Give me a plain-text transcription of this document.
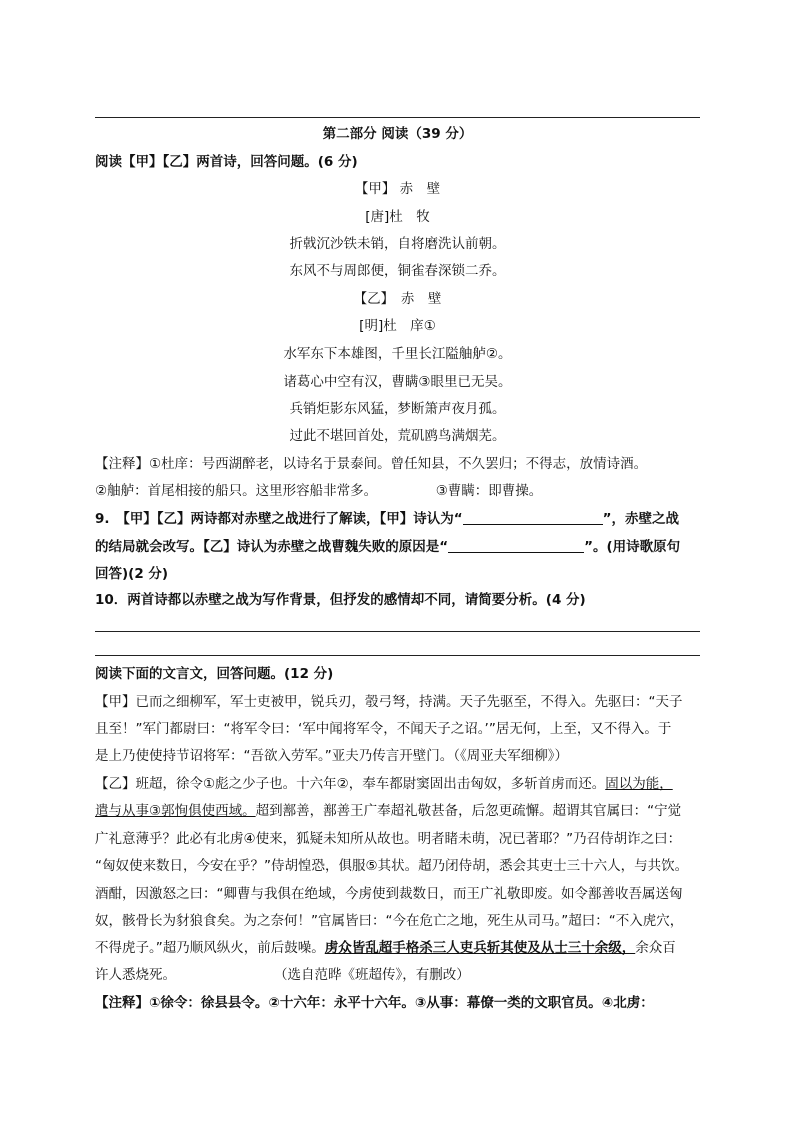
第二部分 阅读（39 分）
阅读【甲】【乙】两首诗，回答问题。(6 分)
【甲】 赤　壁
[唐]杜　牧
折戟沉沙铁未销，自将磨洗认前朝。
东风不与周郎便，铜雀春深锁二乔。
【乙】　赤　壁
[明]杜　庠①
水军东下本雄图，千里长江隘舳舻②。
诸葛心中空有汉，曹瞒③眼里已无吴。
兵销炬影东风猛，梦断箫声夜月孤。
过此不堪回首处，荒矶鸥鸟满烟芜。
【注释】①杜庠：号西湖醉老，以诗名于景泰间。曾任知县，不久罢归；不得志，放情诗酒。
②舳舻：首尾相接的船只。这里形容船非常多。	③曹瞒：即曹操。
9.　【甲】【乙】两诗都对赤壁之战进行了解读，【甲】诗认为“	”，赤壁之战
的结局就会改写。【乙】诗认为赤壁之战曹魏失败的原因是“	”。(用诗歌原句
回答)(2 分)
10．两首诗都以赤壁之战为写作背景，但抒发的感情却不同，请简要分析。(4 分)
阅读下面的文言文，回答问题。(12 分)
【甲】已而之细柳军，军士吏被甲，锐兵刃，彀弓弩，持满。天子先驱至，不得入。先驱曰：“天子
且至！”军门都尉曰：“将军令曰：‘军中闻将军令，不闻天子之诏。’”居无何，上至，又不得入。于
是上乃使使持节诏将军：“吾欲入劳军。”亚夫乃传言开壁门。（《周亚夫军细柳》）
【乙】班超，徐令①彪之少子也。十六年②，奉车都尉窦固出击匈奴，多斩首虏而还。固以为能，
遣与从事③郭恂俱使西域。超到鄯善，鄯善王广奉超礼敬甚备，后忽更疏懈。超谓其官属曰：“宁觉
广礼意薄乎？此必有北虏④使来，狐疑未知所从故也。明者睹未萌，况已著耶？”乃召侍胡诈之曰：
“匈奴使来数日，今安在乎？”侍胡惶恐，俱服⑤其状。超乃闭侍胡，悉会其吏士三十六人，与共饮。
酒酣，因激怒之曰：“卿曹与我俱在绝域，今虏使到裁数日，而王广礼敬即废。如令鄯善收吾属送匈
奴，骸骨长为豺狼食矣。为之奈何！”官属皆曰：“今在危亡之地，死生从司马。”超曰：“不入虎穴，
不得虎子。”超乃顺风纵火，前后鼓噪。虏众皆乱超手格杀三人吏兵斩其使及从士三十余级，余众百
许人悉烧死。	（选自范晔《班超传》，有删改）
【注释】①徐令：徐县县令。②十六年：永平十六年。③从事：幕僚一类的文职官员。④北虏：
